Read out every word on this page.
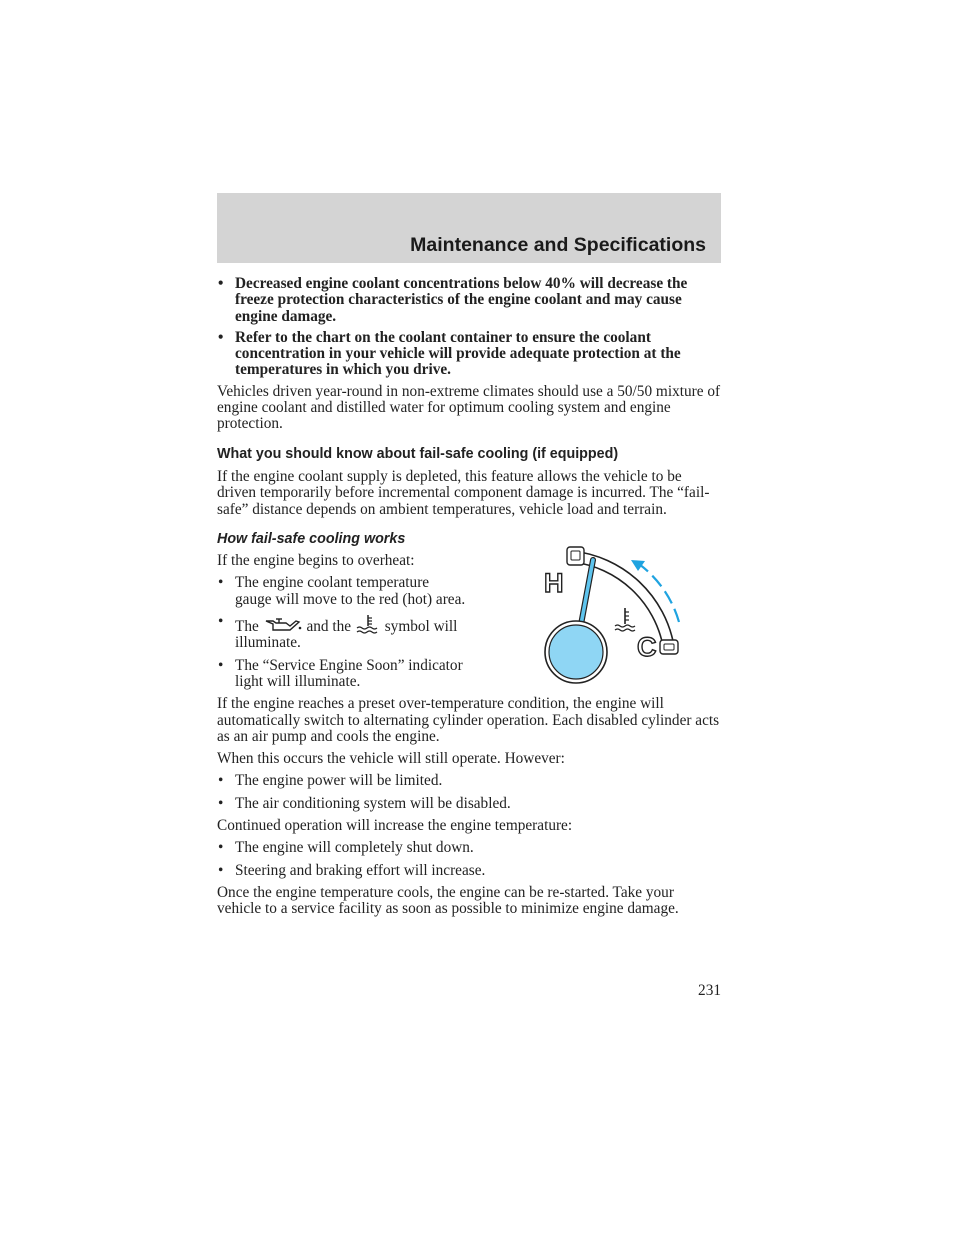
Maintenance and Specifications
• Decreased engine coolant concentrations below 40% will decrease the freeze protection characteristics of the engine coolant and may cause engine damage.
• Refer to the chart on the coolant container to ensure the coolant concentration in your vehicle will provide adequate protection at the temperatures in which you drive.

Vehicles driven year-round in non-extreme climates should use a 50/50 mixture of engine coolant and distilled water for optimum cooling system and engine protection.

What you should know about fail-safe cooling (if equipped)

If the engine coolant supply is depleted, this feature allows the vehicle to be driven temporarily before incremental component damage is incurred. The “fail-safe” distance depends on ambient temperatures, vehicle load and terrain.

How fail-safe cooling works

If the engine begins to overheat:

• The engine coolant temperature gauge will move to the red (hot) area.
• The	and the symbol will illuminate.
• The “Service Engine Soon” indicator light will illuminate.
H
C

If the engine reaches a preset over-temperature condition, the engine will automatically switch to alternating cylinder operation. Each disabled cylinder acts as an air pump and cools the engine.

When this occurs the vehicle will still operate. However:

• The engine power will be limited.
• The air conditioning system will be disabled.

Continued operation will increase the engine temperature:

• The engine will completely shut down.
• Steering and braking effort will increase.

Once the engine temperature cools, the engine can be re-started. Take your vehicle to a service facility as soon as possible to minimize engine damage.

231
